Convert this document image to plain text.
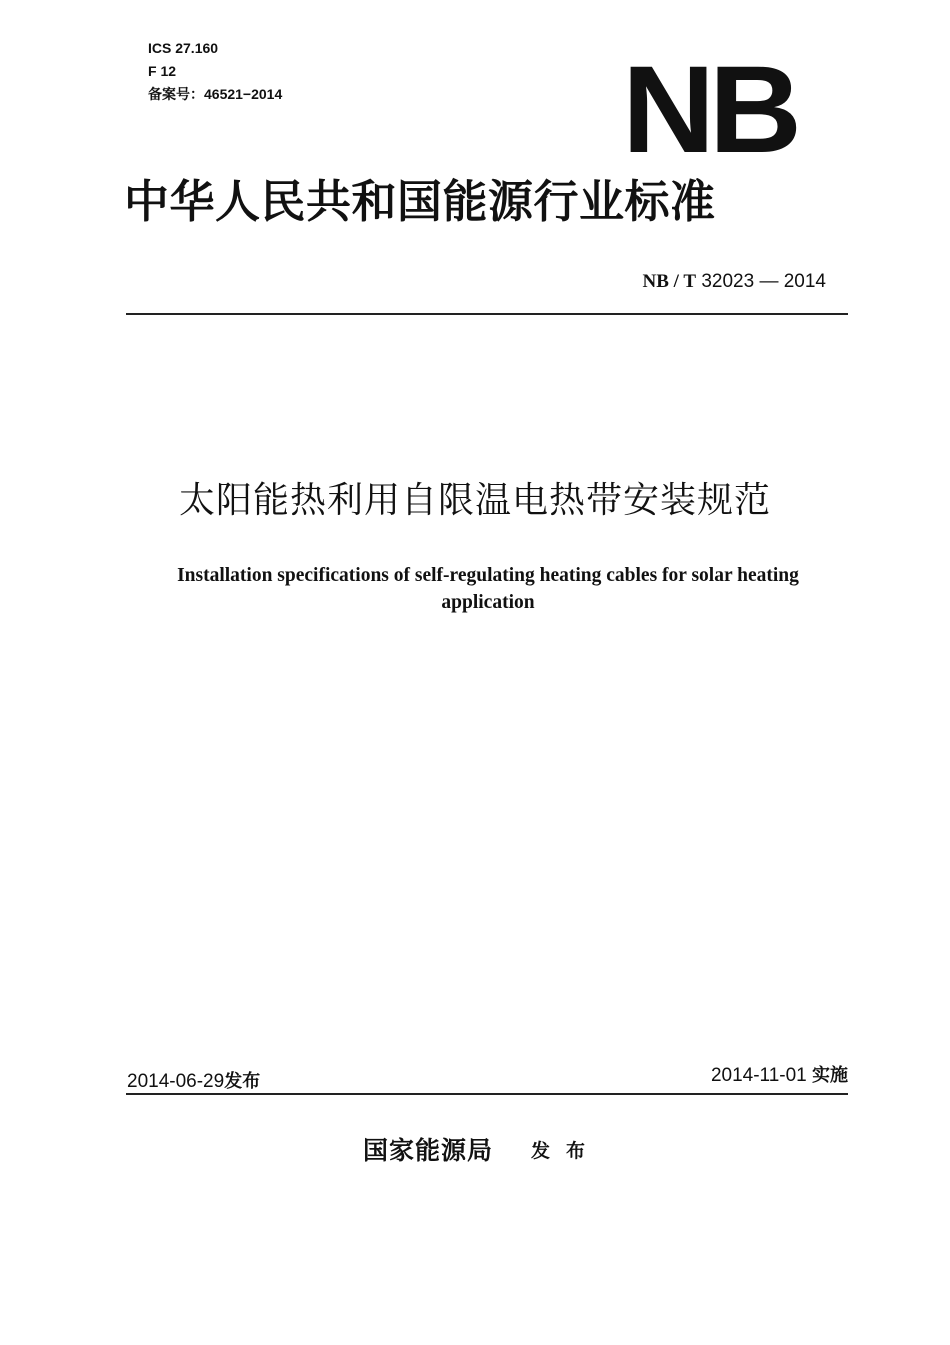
ICS 27.160
F 12
备案号：46521−2014	NB
中华人民共和国能源行业标准
NB / T 32023 — 2014
太阳能热利用自限温电热带安装规范
Installation specifications of self-regulating heating cables for solar heating application
2014-06-29发布	2014-11-01 实施
国家能源局 发布
